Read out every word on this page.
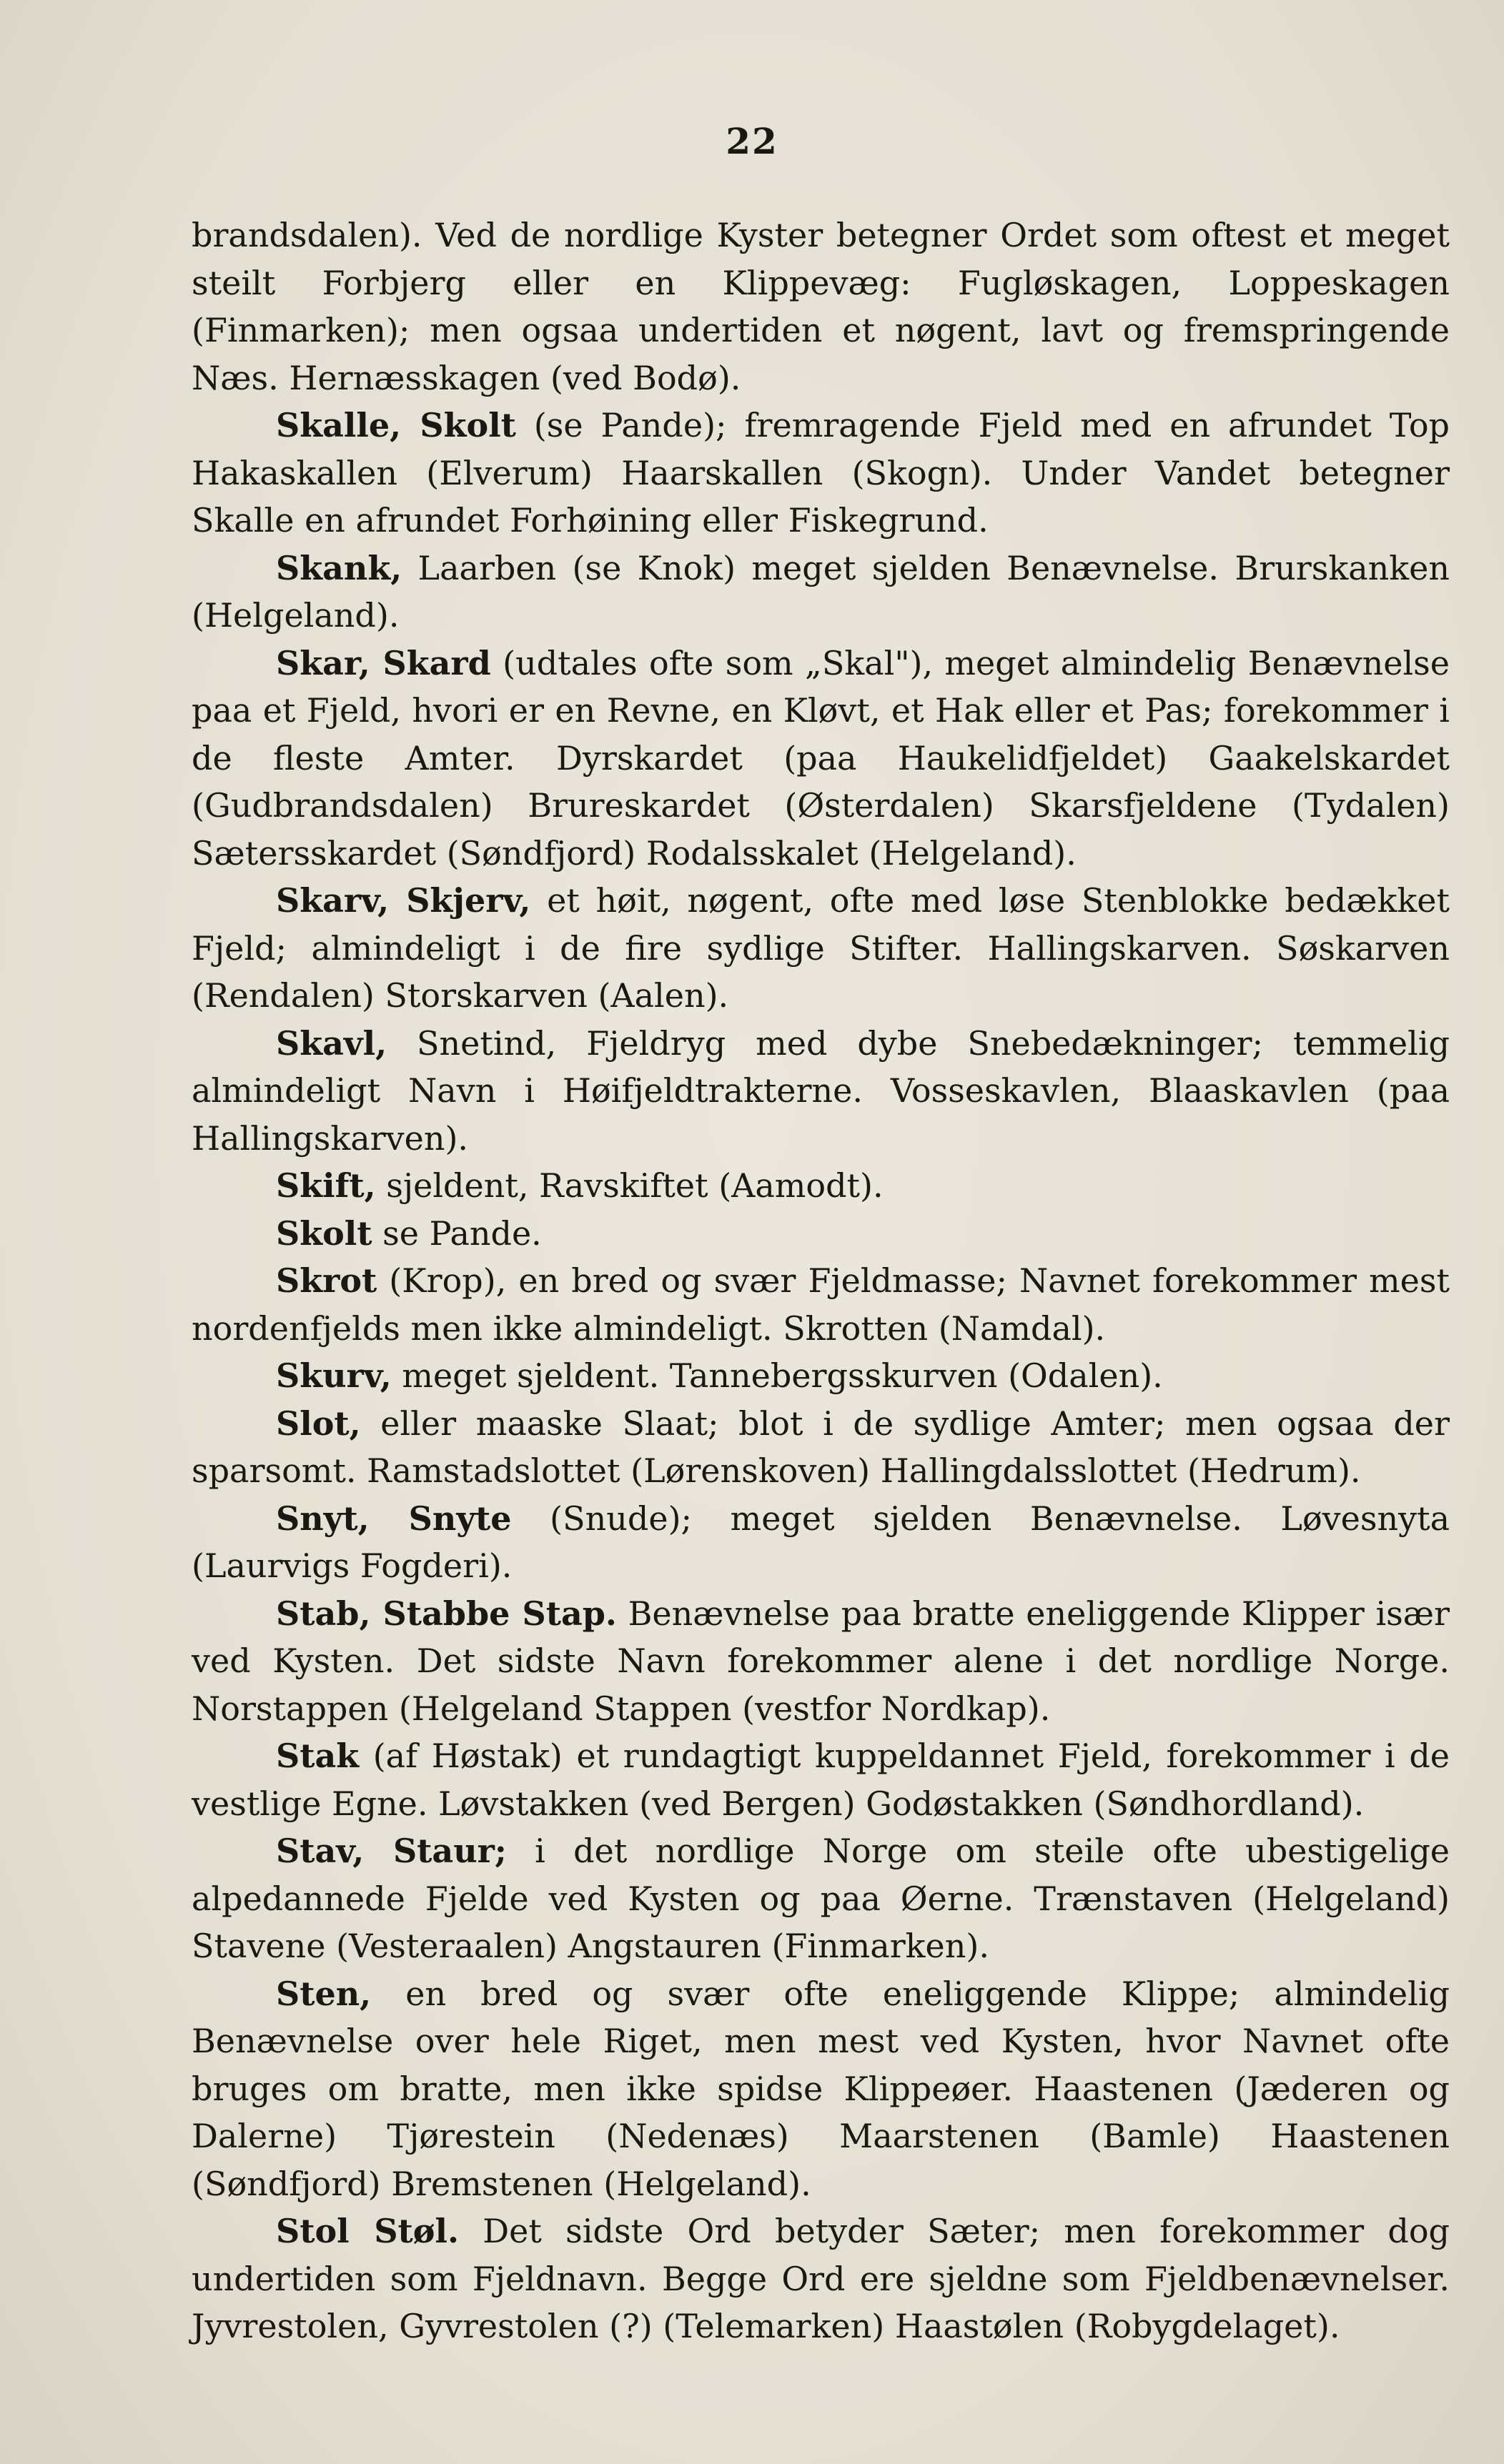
22

brandsdalen). Ved de nordlige Kyster betegner Ordet som oftest et meget steilt Forbjerg eller en Klippevæg: Fugløskagen, Loppeskagen (Finmarken); men ogsaa undertiden et nøgent, lavt og fremspringende Næs. Hernæsskagen (ved Bodø).

Skalle, Skolt (se Pande); fremragende Fjeld med en afrundet Top Hakaskallen (Elverum) Haarskallen (Skogn). Under Vandet betegner Skalle en afrundet Forhøining eller Fiskegrund.

Skank, Laarben (se Knok) meget sjelden Benævnelse. Brurskanken (Helgeland).

Skar, Skard (udtales ofte som „Skal"), meget almindelig Benævnelse paa et Fjeld, hvori er en Revne, en Kløvt, et Hak eller et Pas; forekommer i de fleste Amter. Dyrskardet (paa Haukelidfjeldet) Gaakelskardet (Gudbrandsdalen) Brureskardet (Østerdalen) Skarsfjeldene (Tydalen) Sætersskardet (Søndfjord) Rodalsskalet (Helgeland).

Skarv, Skjerv, et høit, nøgent, ofte med løse Stenblokke bedækket Fjeld; almindeligt i de fire sydlige Stifter. Hallingskarven. Søskarven (Rendalen) Storskarven (Aalen).

Skavl, Snetind, Fjeldryg med dybe Snebedækninger; temmelig almindeligt Navn i Høifjeldtrakterne. Vosseskavlen, Blaaskavlen (paa Hallingskarven).

Skift, sjeldent, Ravskiftet (Aamodt).

Skolt se Pande.

Skrot (Krop), en bred og svær Fjeldmasse; Navnet forekommer mest nordenfjelds men ikke almindeligt. Skrotten (Namdal).

Skurv, meget sjeldent. Tannebergsskurven (Odalen).

Slot, eller maaske Slaat; blot i de sydlige Amter; men ogsaa der sparsomt. Ramstadslottet (Lørenskoven) Hallingdalsslottet (Hedrum).

Snyt, Snyte (Snude); meget sjelden Benævnelse. Løvesnyta (Laurvigs Fogderi).

Stab, Stabbe Stap. Benævnelse paa bratte eneliggende Klipper især ved Kysten. Det sidste Navn forekommer alene i det nordlige Norge. Norstappen (Helgeland Stappen (vestfor Nordkap).

Stak (af Høstak) et rundagtigt kuppeldannet Fjeld, forekommer i de vestlige Egne. Løvstakken (ved Bergen) Godøstakken (Søndhordland).

Stav, Staur; i det nordlige Norge om steile ofte ubestigelige alpedannede Fjelde ved Kysten og paa Øerne. Trænstaven (Helgeland) Stavene (Vesteraalen) Angstauren (Finmarken).

Sten, en bred og svær ofte eneliggende Klippe; almindelig Benævnelse over hele Riget, men mest ved Kysten, hvor Navnet ofte bruges om bratte, men ikke spidse Klippeøer. Haastenen (Jæderen og Dalerne) Tjørestein (Nedenæs) Maarstenen (Bamle) Haastenen (Søndfjord) Bremstenen (Helgeland).

Stol Støl. Det sidste Ord betyder Sæter; men forekommer dog undertiden som Fjeldnavn. Begge Ord ere sjeldne som Fjeldbenævnelser. Jyvrestolen, Gyvrestolen (?) (Telemarken) Haastølen (Robygdelaget).
